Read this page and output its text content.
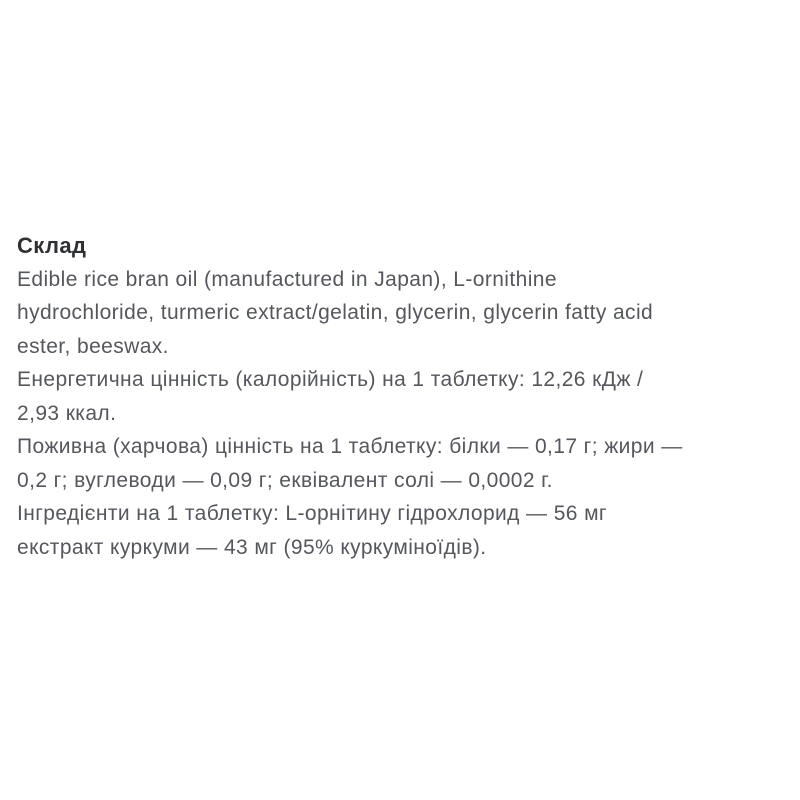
Склад
Edible rice bran oil (manufactured in Japan), L-ornithine
hydrochloride, turmeric extract/gelatin, glycerin, glycerin fatty acid
ester, beeswax.
Енергетична цінність (калорійність) на 1 таблетку: 12,26 кДж /
2,93 ккал.
Поживна (харчова) цінність на 1 таблетку: білки — 0,17 г; жири —
0,2 г; вуглеводи — 0,09 г; еквівалент солі — 0,0002 г.
Інгредієнти на 1 таблетку: L-орнітину гідрохлорид — 56 мг
екстракт куркуми — 43 мг (95% куркуміноїдів).
